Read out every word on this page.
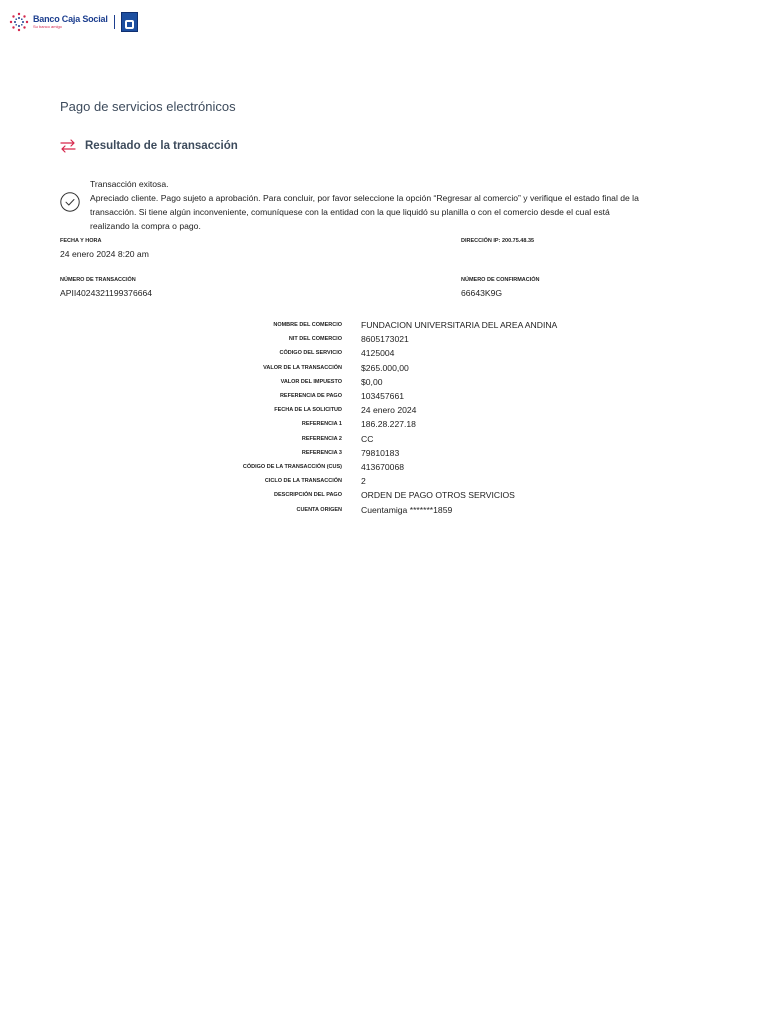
Banco Caja Social
Su banco amigo
Pago de servicios electrónicos
Resultado de la transacción
Transacción exitosa.
Apreciado cliente. Pago sujeto a aprobación. Para concluir, por favor seleccione la opción “Regresar al comercio” y verifique el estado final de la transacción. Si tiene algún inconveniente, comuníquese con la entidad con la que liquidó su planilla o con el comercio desde el cual está realizando la compra o pago.
FECHA Y HORA
24 enero 2024 8:20 am
DIRECCIÓN IP: 200.75.48.35
NÚMERO DE TRANSACCIÓN
APII4024321199376664
NÚMERO DE CONFIRMACIÓN
66643K9G
NOMBRE DEL COMERCIO FUNDACION UNIVERSITARIA DEL AREA ANDINA
NIT DEL COMERCIO 8605173021
CÓDIGO DEL SERVICIO 4125004
VALOR DE LA TRANSACCIÓN $265.000,00
VALOR DEL IMPUESTO $0,00
REFERENCIA DE PAGO 103457661
FECHA DE LA SOLICITUD 24 enero 2024
REFERENCIA 1 186.28.227.18
REFERENCIA 2 CC
REFERENCIA 3 79810183
CÓDIGO DE LA TRANSACCIÓN (CUS) 413670068
CICLO DE LA TRANSACCIÓN 2
DESCRIPCIÓN DEL PAGO ORDEN DE PAGO OTROS SERVICIOS
CUENTA ORIGEN Cuentamiga *******1859
